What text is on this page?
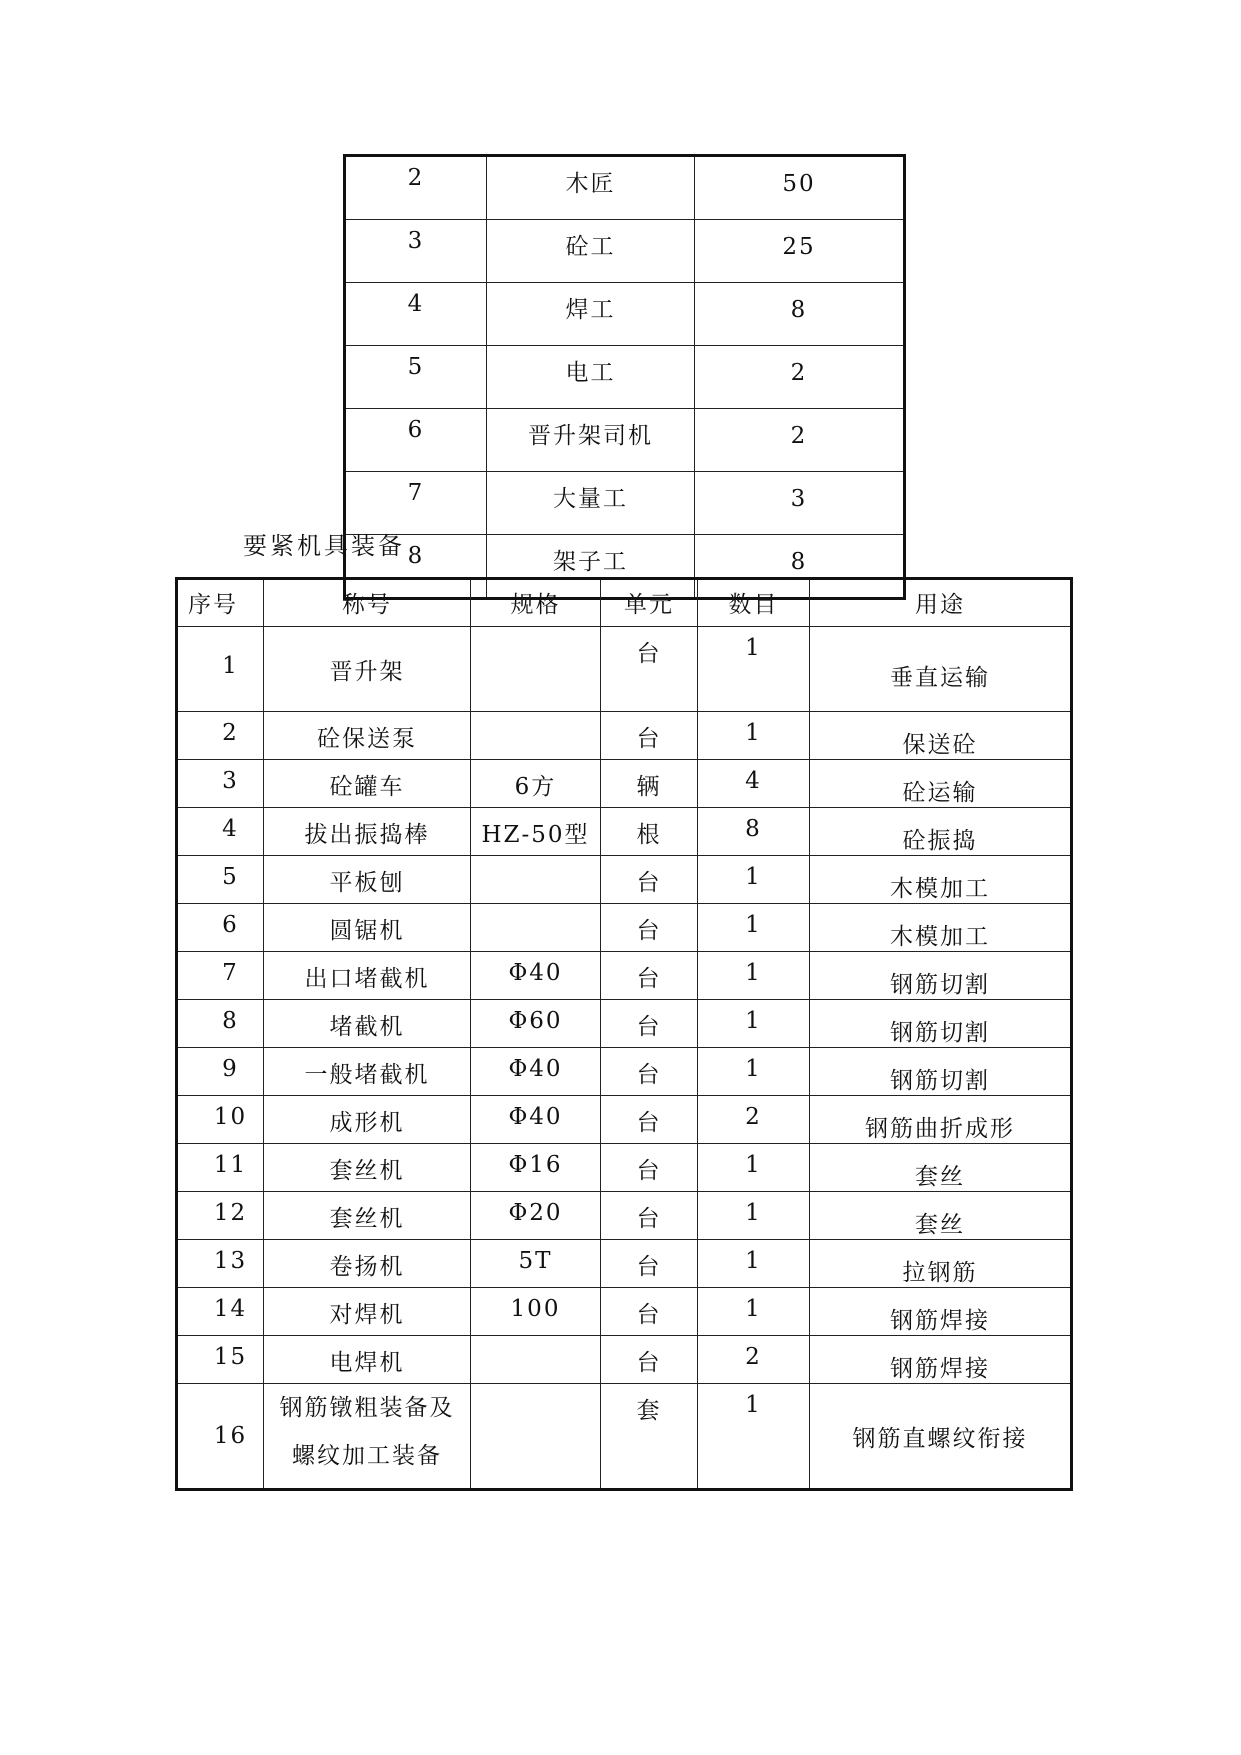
2	木匠	50
3	砼工	25
4	焊工	8
5	电工	2
6	晋升架司机	2
7	大量工	3
8	架子工	8
要紧机具装备
序号	称号	规格	单元	数目	用途
1	晋升架		台	1	垂直运输
2	砼保送泵		台	1	保送砼
3	砼罐车	6方	辆	4	砼运输
4	拔出振捣棒	HZ-50型	根	8	砼振捣
5	平板刨		台	1	木模加工
6	圆锯机		台	1	木模加工
7	出口堵截机	Φ40	台	1	钢筋切割
8	堵截机	Φ60	台	1	钢筋切割
9	一般堵截机	Φ40	台	1	钢筋切割
10	成形机	Φ40	台	2	钢筋曲折成形
11	套丝机	Φ16	台	1	套丝
12	套丝机	Φ20	台	1	套丝
13	卷扬机	5T	台	1	拉钢筋
14	对焊机	100	台	1	钢筋焊接
15	电焊机		台	2	钢筋焊接
16	钢筋镦粗装备及
螺纹加工装备		套	1	钢筋直螺纹衔接
